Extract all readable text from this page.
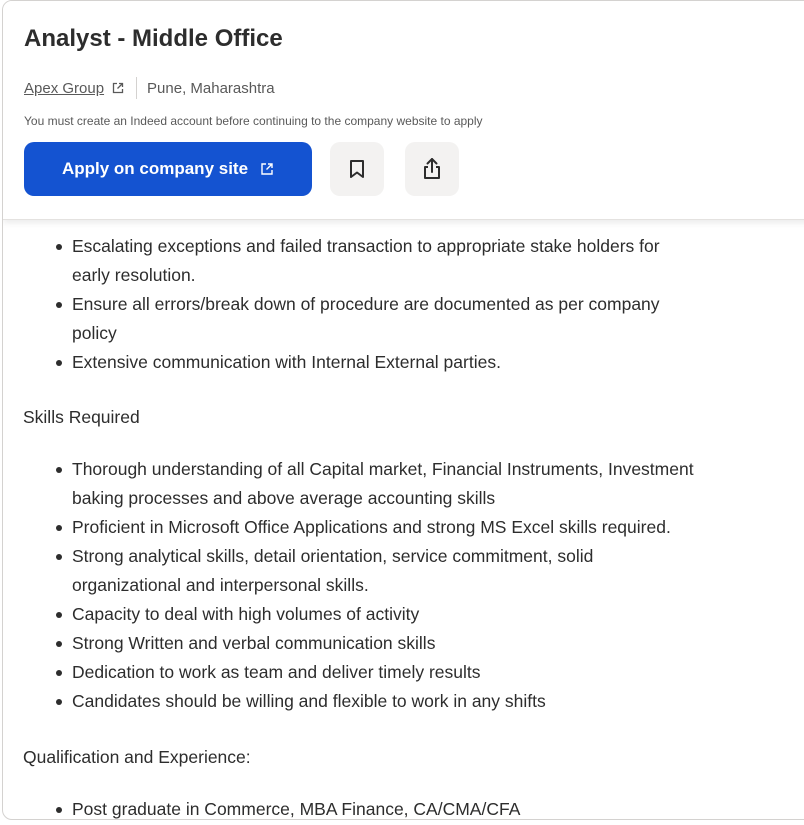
Analyst - Middle Office
Apex Group	Pune, Maharashtra
You must create an Indeed account before continuing to the company website to apply
Apply on company site
Escalating exceptions and failed transaction to appropriate stake holders for
early resolution.
Ensure all errors/break down of procedure are documented as per company
policy
Extensive communication with Internal External parties.

Skills Required

Thorough understanding of all Capital market, Financial Instruments, Investment
baking processes and above average accounting skills
Proficient in Microsoft Office Applications and strong MS Excel skills required.
Strong analytical skills, detail orientation, service commitment, solid
organizational and interpersonal skills.
Capacity to deal with high volumes of activity
Strong Written and verbal communication skills
Dedication to work as team and deliver timely results
Candidates should be willing and flexible to work in any shifts

Qualification and Experience:

Post graduate in Commerce, MBA Finance, CA/CMA/CFA
